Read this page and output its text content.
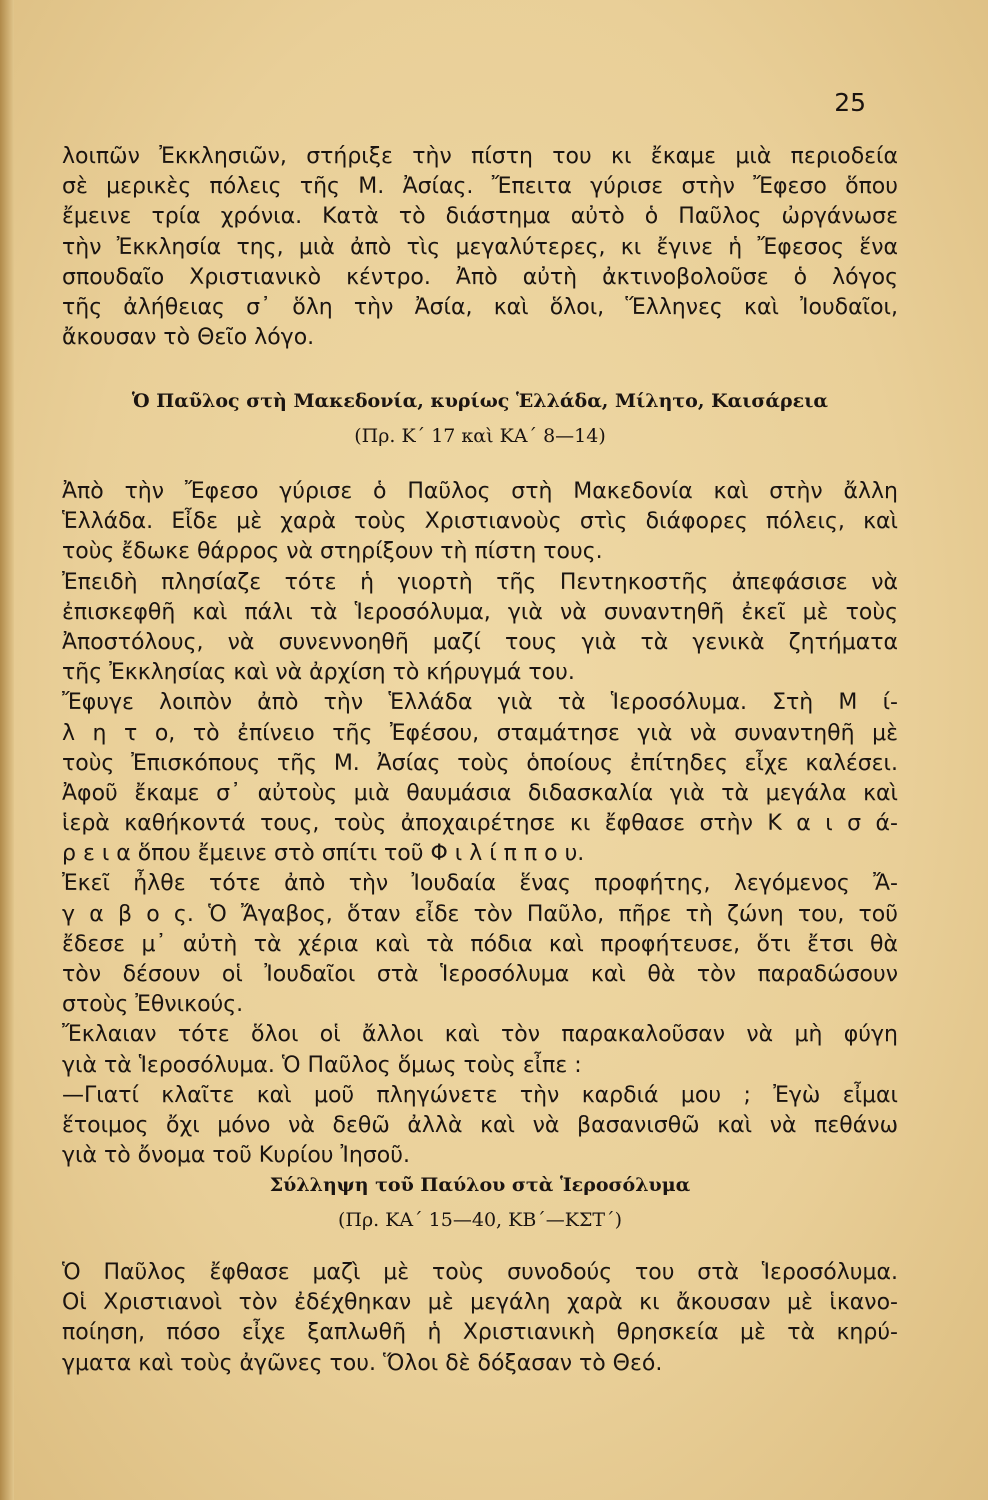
25
λοιπῶν Ἐκκλησιῶν, στήριξε τὴν πίστη του κι ἔκαμε μιὰ περιοδεία
σὲ μερικὲς πόλεις τῆς Μ. Ἀσίας. Ἔπειτα γύρισε στὴν Ἔφεσο ὅπου
ἔμεινε τρία χρόνια. Κατὰ τὸ διάστημα αὐτὸ ὁ Παῦλος ὠργάνωσε
τὴν Ἐκκλησία της, μιὰ ἀπὸ τὶς μεγαλύτερες, κι ἔγινε ἡ Ἔφεσος ἕνα
σπουδαῖο Χριστιανικὸ κέντρο. Ἀπὸ αὐτὴ ἀκτινοβολοῦσε ὁ λόγος
τῆς ἀλήθειας σ᾿ ὅλη τὴν Ἀσία, καὶ ὅλοι, Ἕλληνες καὶ Ἰουδαῖοι,
ἄκουσαν τὸ Θεῖο λόγο.
Ὁ Παῦλος στὴ Μακεδονία, κυρίως Ἑλλάδα, Μίλητο, Καισάρεια
(Πρ. Κ΄ 17 καὶ ΚΑ΄ 8—14)
Ἀπὸ τὴν Ἔφεσο γύρισε ὁ Παῦλος στὴ Μακεδονία καὶ στὴν ἄλλη
Ἑλλάδα. Εἶδε μὲ χαρὰ τοὺς Χριστιανοὺς στὶς διάφορες πόλεις, καὶ
τοὺς ἔδωκε θάρρος νὰ στηρίξουν τὴ πίστη τους.
Ἐπειδὴ πλησίαζε τότε ἡ γιορτὴ τῆς Πεντηκοστῆς ἀπεφάσισε νὰ
ἐπισκεφθῆ καὶ πάλι τὰ Ἱεροσόλυμα, γιὰ νὰ συναντηθῆ ἐκεῖ μὲ τοὺς
Ἀποστόλους, νὰ συνεννοηθῆ μαζί τους γιὰ τὰ γενικὰ ζητήματα
τῆς Ἐκκλησίας καὶ νὰ ἀρχίση τὸ κήρυγμά του.
Ἔφυγε λοιπὸν ἀπὸ τὴν Ἑλλάδα γιὰ τὰ Ἱεροσόλυμα. Στὴ Μ ί-
λ η τ ο, τὸ ἐπίνειο τῆς Ἐφέσου, σταμάτησε γιὰ νὰ συναντηθῆ μὲ
τοὺς Ἐπισκόπους τῆς Μ. Ἀσίας τοὺς ὁποίους ἐπίτηδες εἶχε καλέσει.
Ἀφοῦ ἔκαμε σ᾿ αὐτοὺς μιὰ θαυμάσια διδασκαλία γιὰ τὰ μεγάλα καὶ
ἱερὰ καθήκοντά τους, τοὺς ἀποχαιρέτησε κι ἔφθασε στὴν Κ α ι σ ά-
ρ ε ι α ὅπου ἔμεινε στὸ σπίτι τοῦ Φ ι λ ί π π ο υ.
Ἐκεῖ ἦλθε τότε ἀπὸ τὴν Ἰουδαία ἕνας προφήτης, λεγόμενος Ἄ-
γ α β ο ς. Ὁ Ἄγαβος, ὅταν εἶδε τὸν Παῦλο, πῆρε τὴ ζώνη του, τοῦ
ἔδεσε μ᾿ αὐτὴ τὰ χέρια καὶ τὰ πόδια καὶ προφήτευσε, ὅτι ἔτσι θὰ
τὸν δέσουν οἱ Ἰουδαῖοι στὰ Ἱεροσόλυμα καὶ θὰ τὸν παραδώσουν
στοὺς Ἐθνικούς.
Ἔκλαιαν τότε ὅλοι οἱ ἄλλοι καὶ τὸν παρακαλοῦσαν νὰ μὴ φύγη
γιὰ τὰ Ἱεροσόλυμα. Ὁ Παῦλος ὅμως τοὺς εἶπε :
—Γιατί κλαῖτε καὶ μοῦ πληγώνετε τὴν καρδιά μου ; Ἐγὼ εἶμαι
ἕτοιμος ὄχι μόνο νὰ δεθῶ ἀλλὰ καὶ νὰ βασανισθῶ καὶ νὰ πεθάνω
γιὰ τὸ ὄνομα τοῦ Κυρίου Ἰησοῦ.
Σύλληψη τοῦ Παύλου στὰ Ἱεροσόλυμα
(Πρ. ΚΑ΄ 15—40, ΚΒ΄—ΚΣΤ΄)
Ὁ Παῦλος ἔφθασε μαζὶ μὲ τοὺς συνοδούς του στὰ Ἱεροσόλυμα.
Οἱ Χριστιανοὶ τὸν ἐδέχθηκαν μὲ μεγάλη χαρὰ κι ἄκουσαν μὲ ἱκανο-
ποίηση, πόσο εἶχε ξαπλωθῆ ἡ Χριστιανικὴ θρησκεία μὲ τὰ κηρύ-
γματα καὶ τοὺς ἀγῶνες του. Ὅλοι δὲ δόξασαν τὸ Θεό.
